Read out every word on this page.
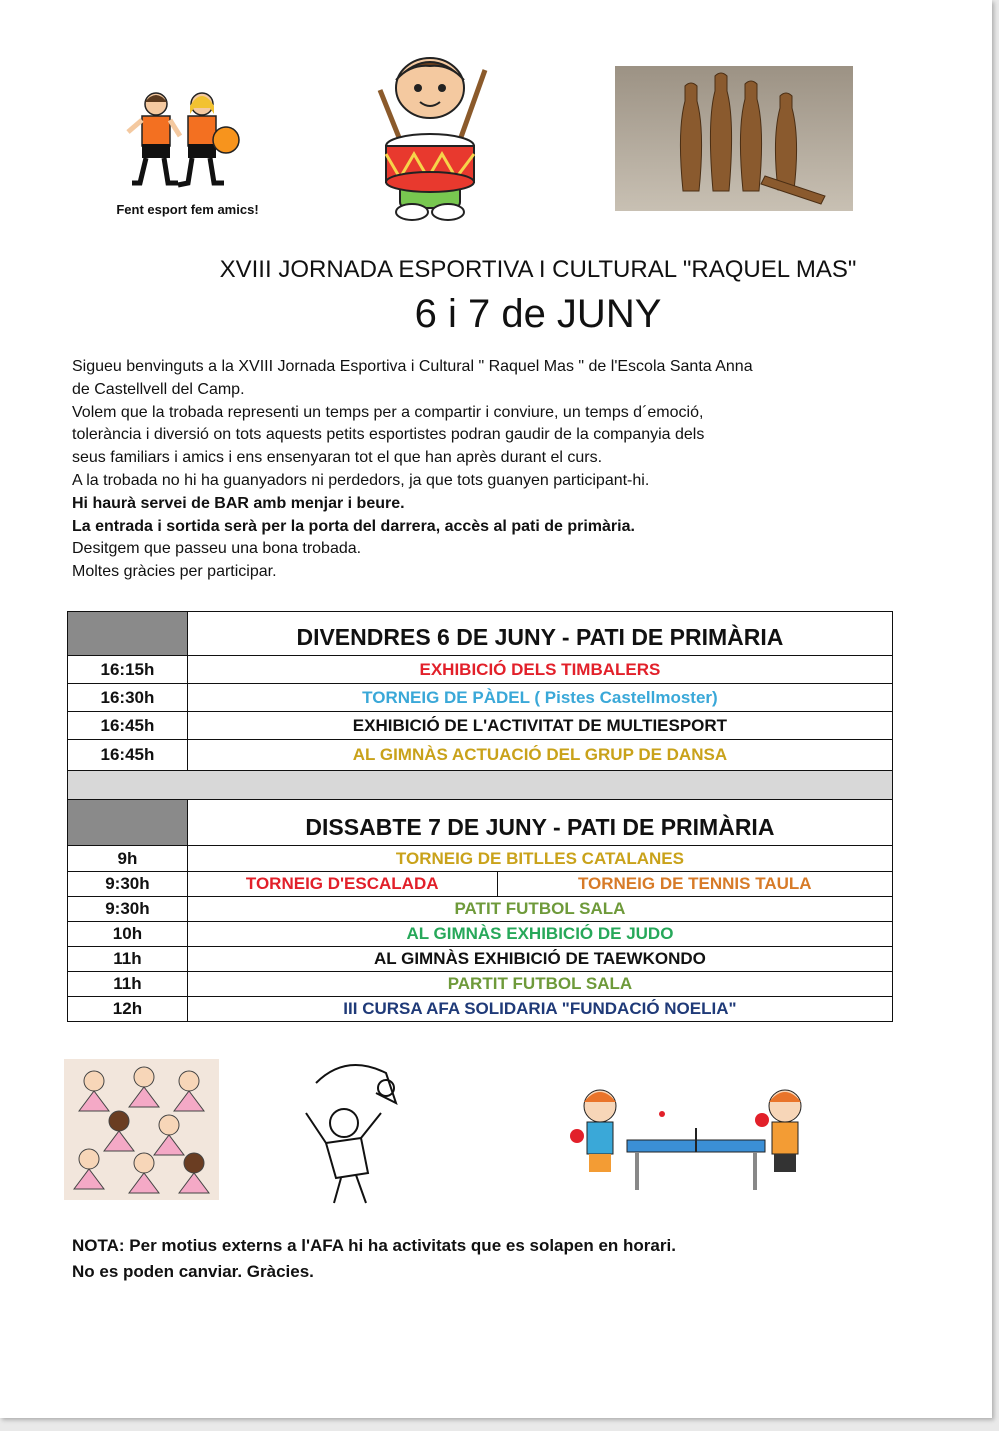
Fent esport fem amics!
XVIII JORNADA ESPORTIVA I CULTURAL "RAQUEL MAS"
6 i 7 de JUNY

Sigueu benvinguts a la XVIII Jornada Esportiva i Cultural " Raquel Mas " de l'Escola Santa Anna

de Castellvell del Camp.

Volem que la trobada representi un temps per a compartir i conviure, un temps d´emoció,

tolerància i diversió on tots aquests petits esportistes podran gaudir de la companyia dels

seus familiars i amics i ens ensenyaran tot el que han après durant el curs.

A la trobada no hi ha guanyadors ni perdedors, ja que tots guanyen participant-hi.

Hi haurà servei de BAR amb menjar i beure.

La entrada i sortida serà per la porta del darrera, accès al pati de primària.

Desitgem que passeu una bona trobada.

Moltes gràcies per participar.

	DIVENDRES 6 DE JUNY - PATI DE PRIMÀRIA	
16:15h	EXHIBICIÓ DELS TIMBALERS	
16:30h	TORNEIG DE PÀDEL ( Pistes Castellmoster)	
16:45h	EXHIBICIÓ DE L'ACTIVITAT DE MULTIESPORT	
16:45h	AL GIMNÀS ACTUACIÓ DEL GRUP DE DANSA	

	DISSABTE 7 DE JUNY - PATI DE PRIMÀRIA	
9h	TORNEIG DE BITLLES CATALANES	
9:30h	TORNEIG D'ESCALADA	TORNEIG DE TENNIS TAULA
9:30h	PATIT FUTBOL SALA	
10h	AL GIMNÀS EXHIBICIÓ DE JUDO	
11h	AL GIMNÀS EXHIBICIÓ DE TAEWKONDO	
11h	PARTIT FUTBOL SALA	
12h	III CURSA AFA SOLIDARIA "FUNDACIÓ NOELIA"	

NOTA: Per motius externs a l'AFA hi ha activitats que es solapen en horari.

No es poden canviar. Gràcies.
